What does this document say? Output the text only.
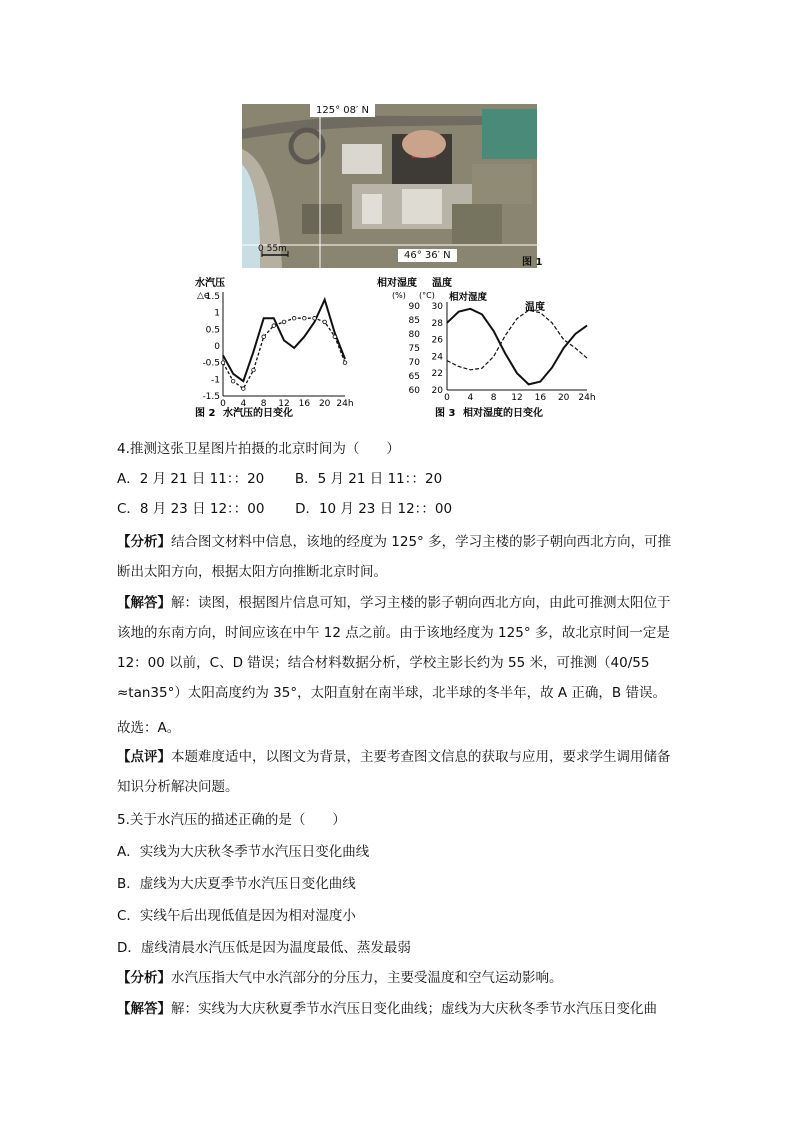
125° 08′ N
46° 36′ N
0 55m
图 1
水汽压
△e
1.5
1
0.5
0
-0.5
-1
-1.5
0 4 8 12 16 20 24h
图 2 水汽压的日变化
相对湿度 温度
(%) (°C) 相对湿度
温度
90
85
80
75
70
65
60
30
28
26
24
22
20
0 4 8 12 16 20 24h
图 3 相对湿度的日变化
4.推测这张卫星图片拍摄的北京时间为（　　）
A．2 月 21 日 11：：20 B．5 月 21 日 11：：20
C．8 月 23 日 12：：00 D．10 月 23 日 12：：00
【分析】结合图文材料中信息，该地的经度为 125° 多，学习主楼的影子朝向西北方向，可推断出太阳方向，根据太阳方向推断北京时间。
【解答】解：读图，根据图片信息可知，学习主楼的影子朝向西北方向，由此可推测太阳位于该地的东南方向，时间应该在中午 12 点之前。由于该地经度为 125° 多，故北京时间一定是 12：00 以前，C、D 错误；结合材料数据分析，学校主影长约为 55 米，可推测（40/55 ≈tan35°）太阳高度约为 35°，太阳直射在南半球，北半球的冬半年，故 A 正确，B 错误。
故选：A。
【点评】本题难度适中，以图文为背景，主要考查图文信息的获取与应用，要求学生调用储备知识分析解决问题。
5.关于水汽压的描述正确的是（　　）
A．实线为大庆秋冬季节水汽压日变化曲线
B．虚线为大庆夏季节水汽压日变化曲线
C．实线午后出现低值是因为相对湿度小
D．虚线清晨水汽压低是因为温度最低、蒸发最弱
【分析】水汽压指大气中水汽部分的分压力，主要受温度和空气运动影响。
【解答】解：实线为大庆秋夏季节水汽压日变化曲线；虚线为大庆秋冬季节水汽压日变化曲
